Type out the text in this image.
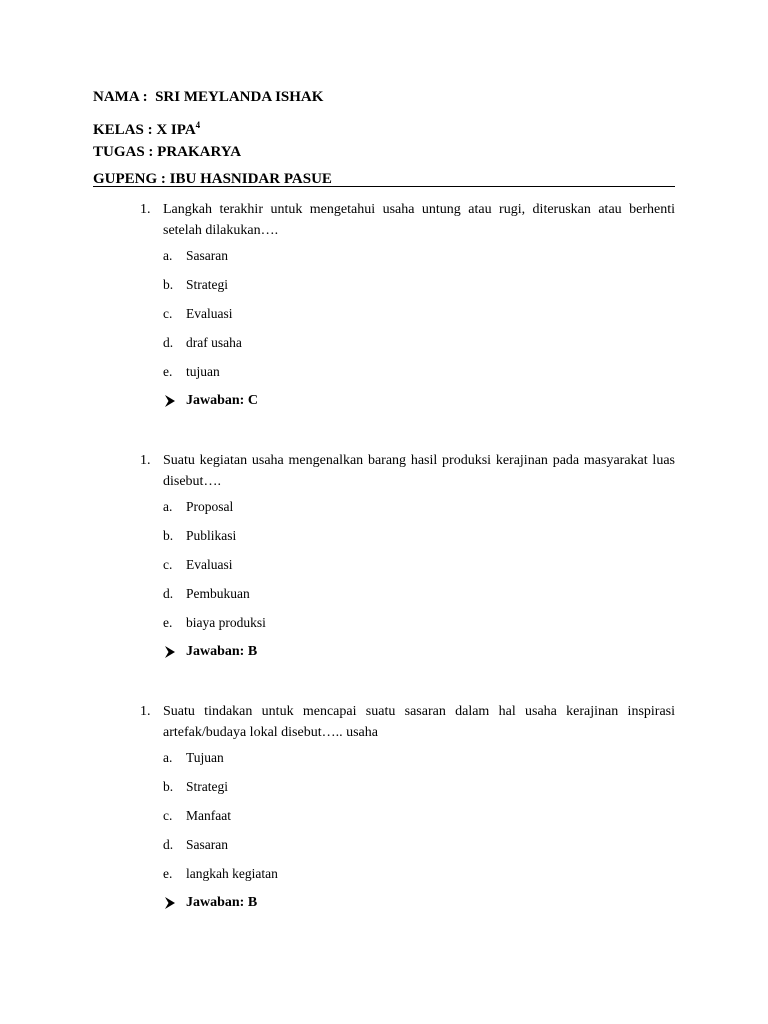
NAMA :  SRI MEYLANDA ISHAK
KELAS : X IPA$^4$
TUGAS : PRAKARYA
GUPENG : IBU HASNIDAR PASUE
1. Langkah terakhir untuk mengetahui usaha untung atau rugi, diteruskan atau berhenti setelah dilakukan….
a. Sasaran
b. Strategi
c. Evaluasi
d. draf usaha
e. tujuan
Jawaban: C
1. Suatu kegiatan usaha mengenalkan barang hasil produksi kerajinan pada masyarakat luas disebut….
a. Proposal
b. Publikasi
c. Evaluasi
d. Pembukuan
e. biaya produksi
Jawaban: B
1. Suatu tindakan untuk mencapai suatu sasaran dalam hal usaha kerajinan inspirasi artefak/budaya lokal disebut….. usaha
a. Tujuan
b. Strategi
c. Manfaat
d. Sasaran
e. langkah kegiatan
Jawaban: B
